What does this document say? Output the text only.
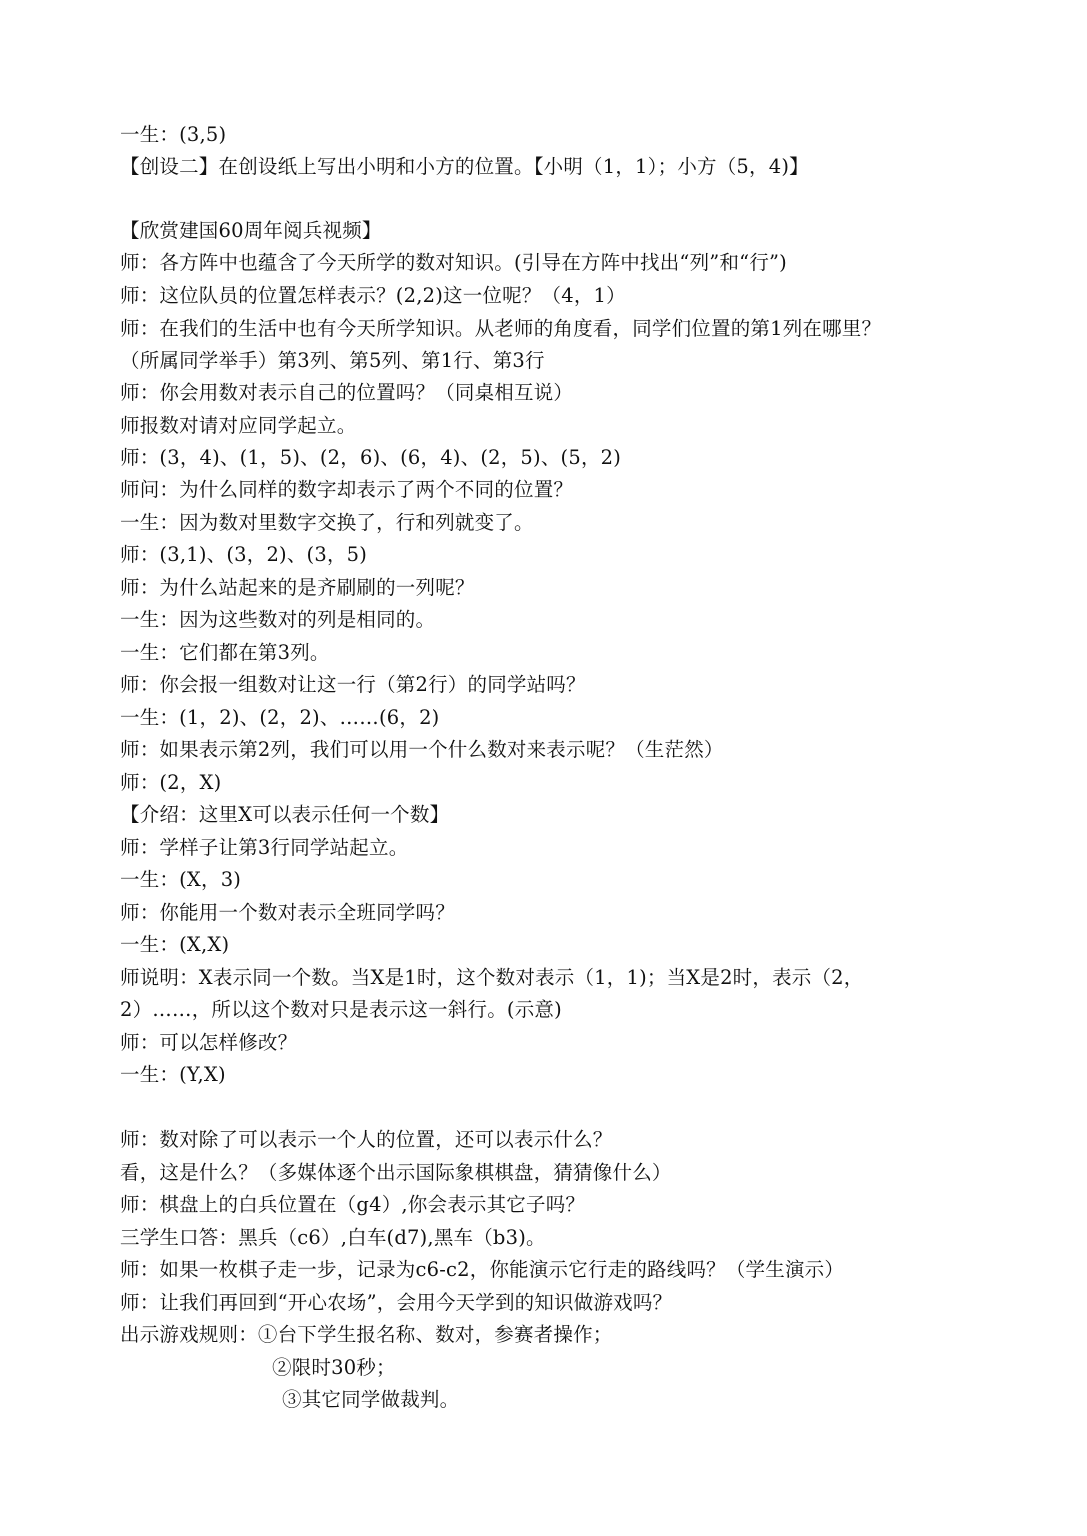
一生：(3,5)
【创设二】在创设纸上写出小明和小方的位置。【小明（1，1）；小方（5，4)】
【欣赏建国60周年阅兵视频】
师：各方阵中也蕴含了今天所学的数对知识。(引导在方阵中找出“列”和“行”)
师：这位队员的位置怎样表示？(2,2)这一位呢？（4，1）
师：在我们的生活中也有今天所学知识。从老师的角度看，同学们位置的第1列在哪里？
（所属同学举手）第3列、第5列、第1行、第3行
师：你会用数对表示自己的位置吗？（同桌相互说）
师报数对请对应同学起立。
师：(3，4)、(1，5)、(2，6)、(6，4)、(2，5)、(5，2)
师问：为什么同样的数字却表示了两个不同的位置？
一生：因为数对里数字交换了，行和列就变了。
师：(3,1)、(3，2)、(3，5)
师：为什么站起来的是齐刷刷的一列呢？
一生：因为这些数对的列是相同的。
一生：它们都在第3列。
师：你会报一组数对让这一行（第2行）的同学站吗？
一生：(1，2)、(2，2)、……(6，2)
师：如果表示第2列，我们可以用一个什么数对来表示呢？（生茫然）
师：(2，X)
【介绍：这里X可以表示任何一个数】
师：学样子让第3行同学站起立。
一生：(X，3)
师：你能用一个数对表示全班同学吗？
一生：(X,X)
师说明：X表示同一个数。当X是1时，这个数对表示（1，1)；当X是2时，表示（2，
2）……，所以这个数对只是表示这一斜行。(示意)
师：可以怎样修改？
一生：(Y,X)
师：数对除了可以表示一个人的位置，还可以表示什么？
看，这是什么？（多媒体逐个出示国际象棋棋盘，猜猜像什么）
师：棋盘上的白兵位置在（g4）,你会表示其它子吗？
三学生口答：黑兵（c6）,白车(d7),黑车（b3)。
师：如果一枚棋子走一步，记录为c6-c2，你能演示它行走的路线吗？（学生演示）
师：让我们再回到“开心农场”，会用今天学到的知识做游戏吗？
出示游戏规则：①台下学生报名称、数对，参赛者操作；
②限时30秒；
③其它同学做裁判。
